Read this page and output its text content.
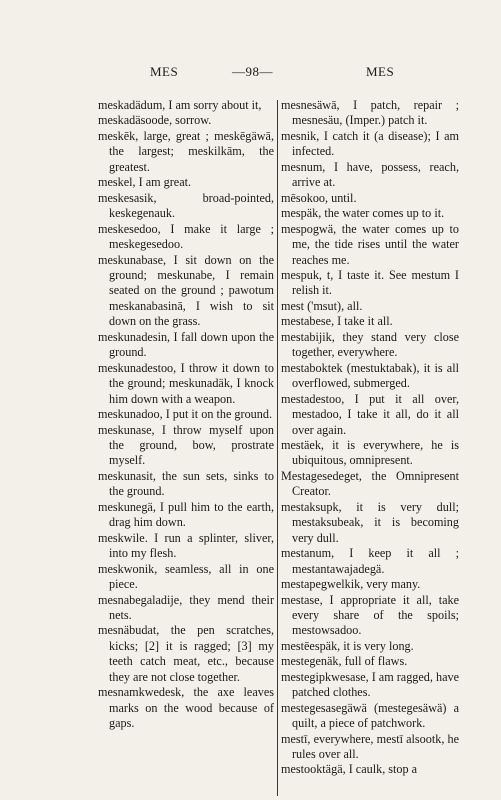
MES	—98—	MES
meskadädum, I am sorry about it,
meskadäsoode, sorrow.
meskēk, large, great ; meskēgäwā, the largest; meskilkām, the greatest.
meskel, I am great.
meskesasik, broad-pointed, keskegenauk.
meskesedoo, I make it large ; meskegesedoo.
meskunabase, I sit down on the ground; meskunabe, I remain seated on the ground ; pawotum meskanabasinā, I wish to sit down on the grass.
meskunadesin, I fall down upon the ground.
meskunadestoo, I throw it down to the ground; meskunadäk, I knock him down with a weapon.
meskunadoo, I put it on the ground.
meskunase, I throw myself upon the ground, bow, prostrate myself.
meskunasit, the sun sets, sinks to the ground.
meskunegä, I pull him to the earth, drag him down.
meskwile. I run a splinter, sliver, into my flesh.
meskwonik, seamless, all in one piece.
mesnabegaladije, they mend their nets.
mesnäbudat, the pen scratches, kicks; [2] it is ragged; [3] my teeth catch meat, etc., because they are not close together.
mesnamkwedesk, the axe leaves marks on the wood because of gaps.
mesnesäwā, I patch, repair ; mesnesäu, (Imper.) patch it.
mesnik, I catch it (a disease); I am infected.
mesnum, I have, possess, reach, arrive at.
mēsokoo, until.
mespäk, the water comes up to it.
mespogwä, the water comes up to me, the tide rises until the water reaches me.
mespuk, t, I taste it. See mestum I relish it.
mest ('msut), all.
mestabese, I take it all.
mestabijik, they stand very close together, everywhere.
mestaboktek (mestuktabak), it is all overflowed, submerged.
mestadestoo, I put it all over, mestadoo, I take it all, do it all over again.
mestäek, it is everywhere, he is ubiquitous, omnipresent.
Mestagesedeget, the Omnipresent Creator.
mestaksupk, it is very dull; mestaksubeak, it is becoming very dull.
mestanum, I keep it all ; mestantawajadegä.
mestapegwelkik, very many.
mestase, I appropriate it all, take every share of the spoils; mestowsadoo.
mestēespäk, it is very long.
mestegenäk, full of flaws.
mestegipkwesase, I am ragged, have patched clothes.
mestegesasegäwä (mestegesäwä) a quilt, a piece of patchwork.
mestī, everywhere, mestī alsootk, he rules over all.
mestooktägä, I caulk, stop a
